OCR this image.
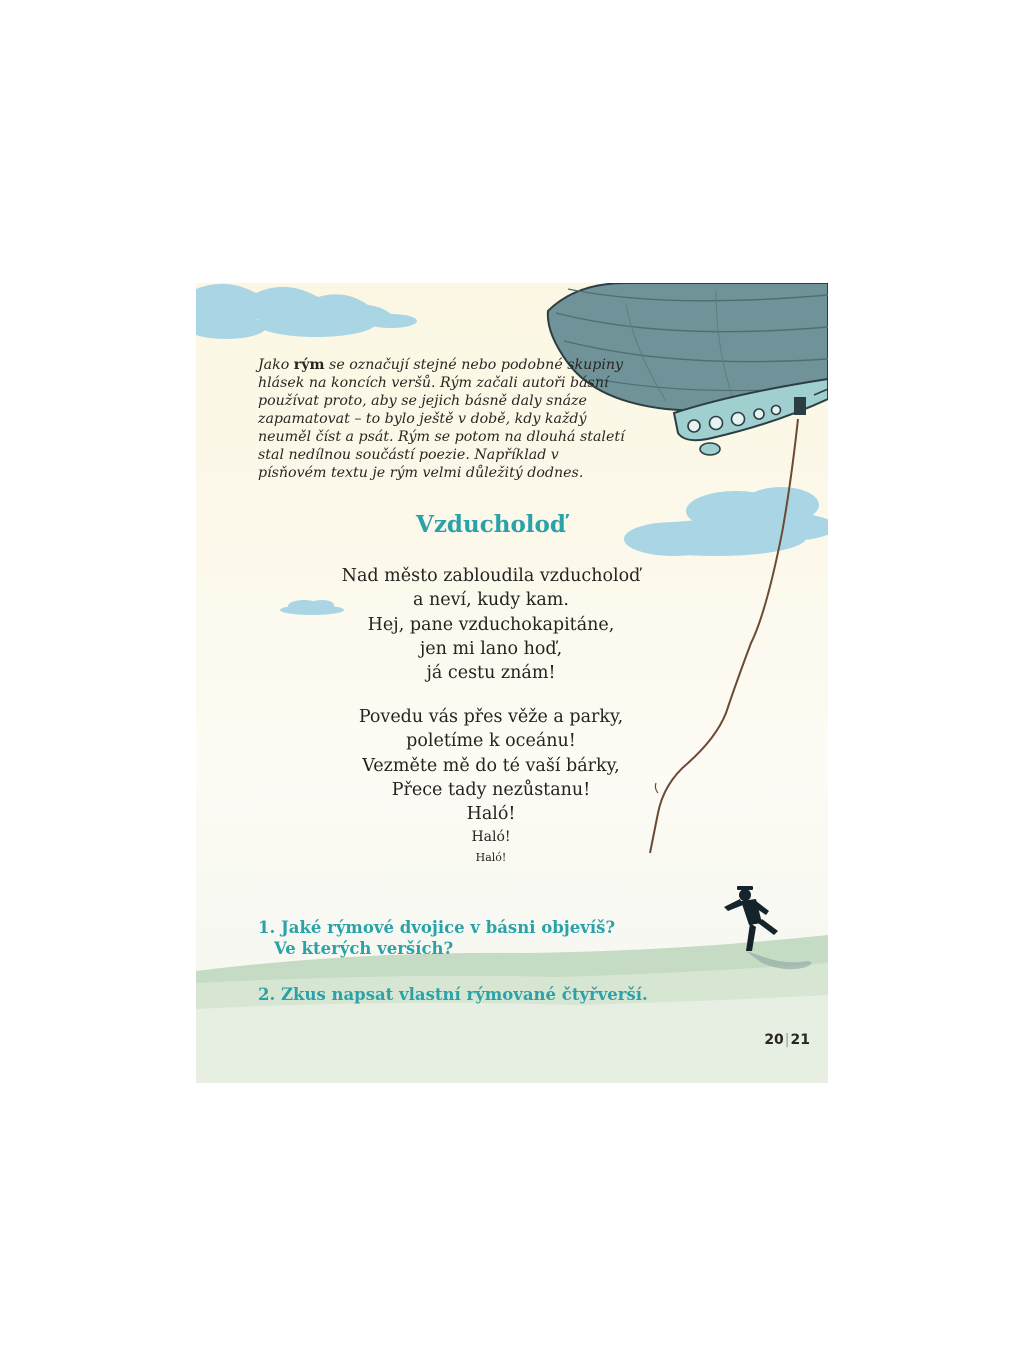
Jako rým se označují stejné nebo podobné skupiny hlásek na koncích veršů. Rým začali autoři básní používat proto, aby se jejich básně daly snáze zapamatovat – to bylo ještě v době, kdy každý neuměl číst a psát. Rým se potom na dlouhá staletí stal nedílnou součástí poezie. Například v písňovém textu je rým velmi důležitý dodnes.
Vzducholoď
Nad město zabloudila vzducholoď
a neví, kudy kam.
Hej, pane vzduchokapitáne,
jen mi lano hoď,
já cestu znám!
Povedu vás přes věže a parky,
poletíme k oceánu!
Vezměte mě do té vaší bárky,
Přece tady nezůstanu!
Haló!
Haló!
Haló!

1. Jaké rýmové dvojice v básni objevíš?
Ve kterých verších?

2. Zkus napsat vlastní rýmované čtyřverší.

20|21
